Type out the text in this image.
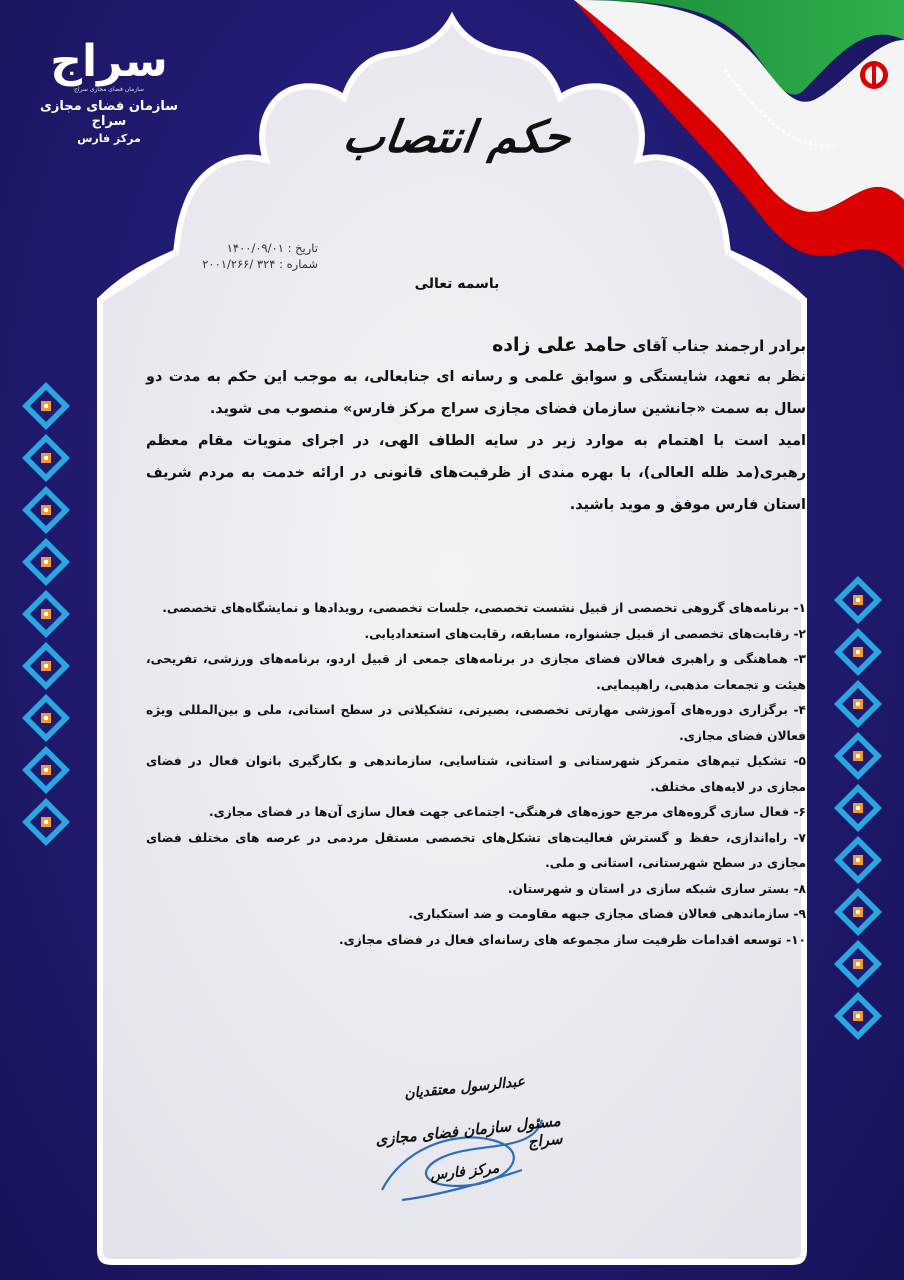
سراج
سازمان فضای مجازی سراج
سازمان فضای مجازی سراج
مرکز فارس	حکم انتصاب
تاریخ : ۱۴۰۰/۰۹/۰۱
شماره : ۳۲۴ /۲۰۰۱/۲۶۶
باسمه تعالی
برادر ارجمند جناب آقای حامد علی زاده
نظر به تعهد، شایستگی و سوابق علمی و رسانه ای جنابعالی، به موجب این حکم به مدت دو سال به سمت «جانشین سازمان فضای مجازی سراج مرکز فارس» منصوب می شوید.
امید است با اهتمام به موارد زیر در سایه الطاف الهی، در اجرای منویات مقام معظم رهبری(مد ظله العالی)، با بهره مندی از ظرفیت‌های قانونی در ارائه خدمت به مردم شریف استان فارس موفق و موید باشید.
۱- برنامه‌های گروهی تخصصی از قبیل نشست تخصصی، جلسات تخصصی، رویدادها و نمایشگاه‌های تخصصی.
۲- رقابت‌های تخصصی از قبیل جشنواره، مسابقه، رقابت‌های استعدادیابی.
۳- هماهنگی و راهبری فعالان فضای مجازی در برنامه‌های جمعی از قبیل اردو، برنامه‌های ورزشی، تفریحی، هیئت و تجمعات مذهبی، راهپیمایی.
۴- برگزاری دوره‌های آموزشی مهارتی تخصصی، بصیرتی، تشکیلاتی در سطح استانی، ملی و بین‌المللی ویژه فعالان فضای مجازی.
۵- تشکیل تیم‌های متمرکز شهرستانی و استانی، شناسایی، سازماندهی و بکارگیری بانوان فعال در فضای مجازی در لایه‌های مختلف.
۶- فعال سازی گروه‌های مرجع حوزه‌های فرهنگی- اجتماعی جهت فعال سازی آن‌ها در فضای مجازی.
۷- راه‌اندازی، حفظ و گسترش فعالیت‌های تشکل‌های تخصصی مستقل مردمی در عرصه های مختلف فضای مجازی در سطح شهرستانی، استانی و ملی.
۸- بستر سازی شبکه سازی در استان و شهرستان.
۹- سازماندهی فعالان فضای مجازی جبهه مقاومت و ضد استکباری.
۱۰- توسعه اقدامات ظرفیت ساز مجموعه های رسانه‌ای فعال در فضای مجازی.
عبدالرسول معتقدیان
مسئول سازمان فضای مجازی سراج
مرکز فارس
